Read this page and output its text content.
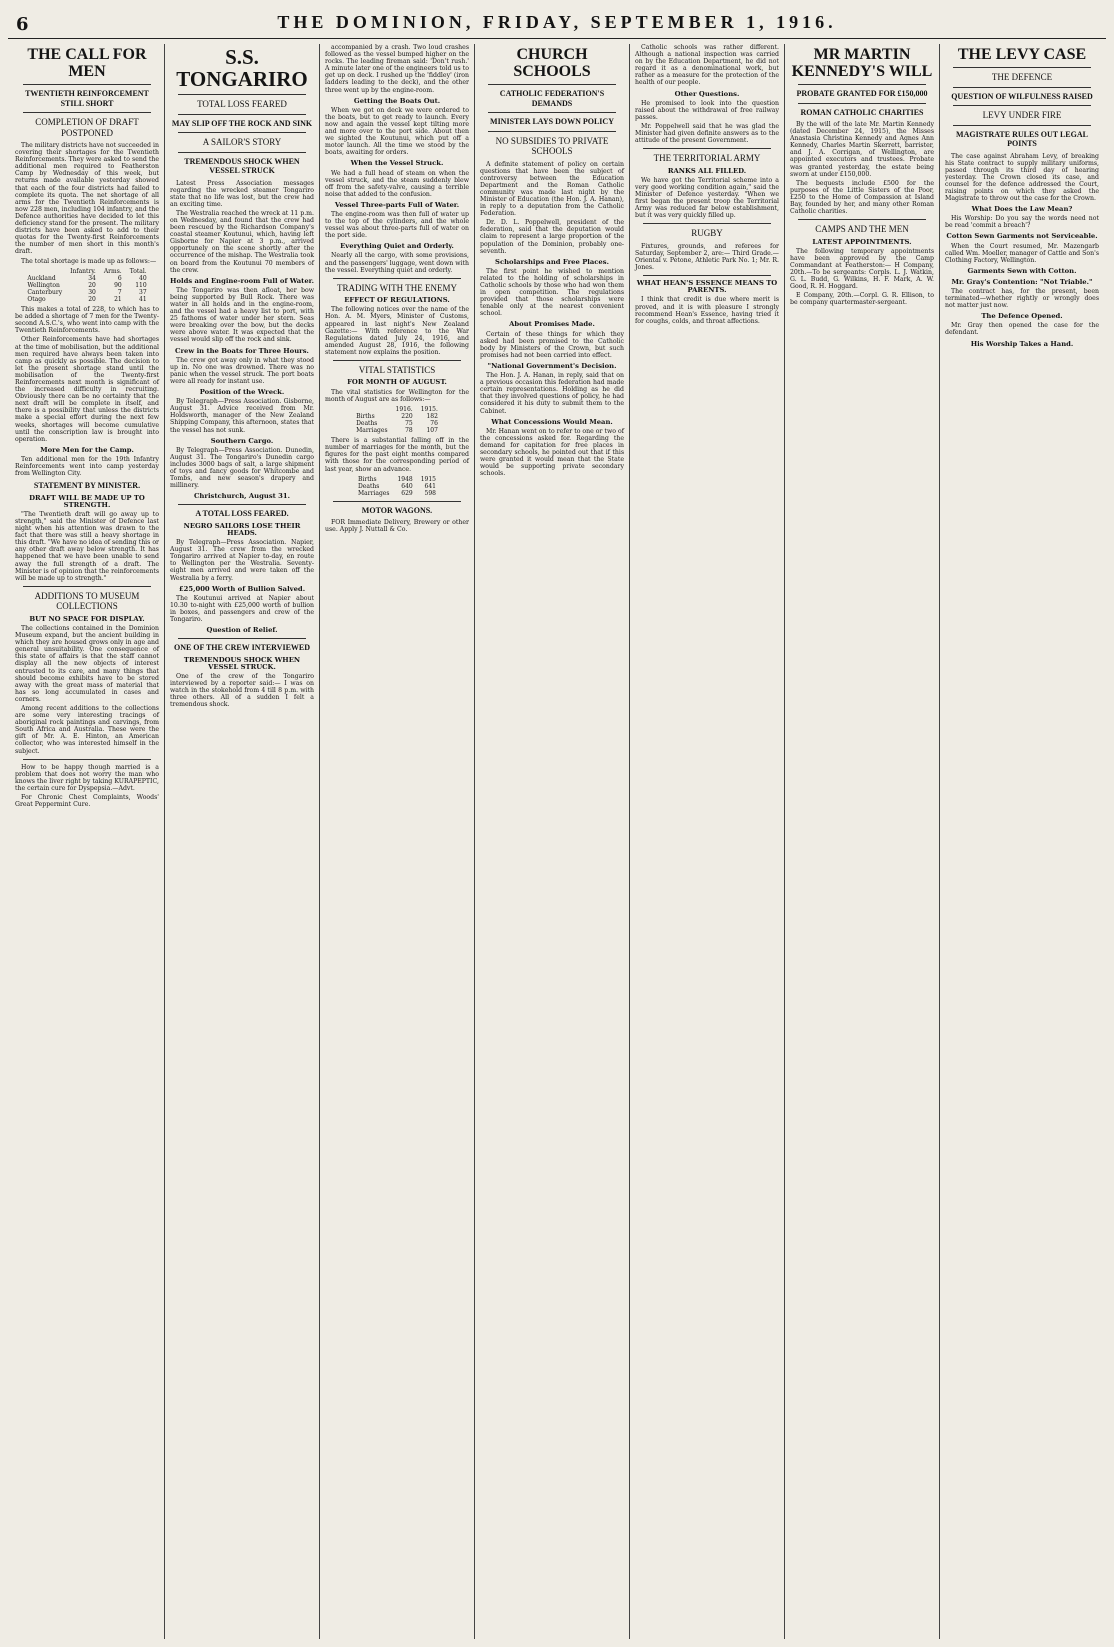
6	THE DOMINION, FRIDAY, SEPTEMBER 1, 1916.
THE CALL FOR MEN
TWENTIETH REINFORCEMENT STILL SHORT
COMPLETION OF DRAFT POSTPONED

The military districts have not succeeded in covering their shortages for the Twentieth Reinforcements. They were asked to send the additional men required to Featherston Camp by Wednesday of this week, but returns made available yesterday showed that each of the four districts had failed to complete its quota. The net shortage of all arms for the Twentieth Reinforcements is now 228 men, including 104 infantry, and the Defence authorities have decided to let this deficiency stand for the present. The military districts have been asked to add to their quotas for the Twenty-first Reinforcements the number of men short in this month's draft.

The total shortage is made up as follows:—

	Infantry.	Arms.	Total.
Auckland	34	6	40
Wellington	20	90	110
Canterbury	30	7	37
Otago	20	21	41

This makes a total of 228, to which has to be added a shortage of 7 men for the Twenty-second A.S.C.'s, who went into camp with the Twentieth Reinforcements.

Other Reinforcements have had shortages at the time of mobilisation, but the additional men required have always been taken into camp as quickly as possible. The decision to let the present shortage stand until the mobilisation of the Twenty-first Reinforcements next month is significant of the increased difficulty in recruiting. Obviously there can be no certainty that the next draft will be complete in itself, and there is a possibility that unless the districts make a special effort during the next few weeks, shortages will become cumulative until the conscription law is brought into operation.

More Men for the Camp.

Ten additional men for the 19th Infantry Reinforcements went into camp yesterday from Wellington City.

STATEMENT BY MINISTER.
DRAFT WILL BE MADE UP TO STRENGTH.

"The Twentieth draft will go away up to strength," said the Minister of Defence last night when his attention was drawn to the fact that there was still a heavy shortage in this draft. "We have no idea of sending this or any other draft away below strength. It has happened that we have been unable to send away the full strength of a draft. The Minister is of opinion that the reinforcements will be made up to strength."

ADDITIONS TO MUSEUM COLLECTIONS
BUT NO SPACE FOR DISPLAY.

The collections contained in the Dominion Museum expand, but the ancient building in which they are housed grows only in age and general unsuitability. One consequence of this state of affairs is that the staff cannot display all the new objects of interest entrusted to its care, and many things that should become exhibits have to be stored away with the great mass of material that has so long accumulated in cases and corners.

Among recent additions to the collections are some very interesting tracings of aboriginal rock paintings and carvings, from South Africa and Australia. These were the gift of Mr. A. E. Hinton, an American collector, who was interested himself in the subject.

How to be happy though married is a problem that does not worry the man who knows the liver right by taking KURAPEPTIC, the certain cure for Dyspepsia.—Advt.

For Chronic Chest Complaints, Woods' Great Peppermint Cure.

S.S. TONGARIRO
TOTAL LOSS FEARED
MAY SLIP OFF THE ROCK AND SINK
A SAILOR'S STORY
TREMENDOUS SHOCK WHEN VESSEL STRUCK

Latest Press Association messages regarding the wrecked steamer Tongariro state that no life was lost, but the crew had an exciting time.

The Westralia reached the wreck at 11 p.m. on Wednesday, and found that the crew had been rescued by the Richardson Company's coastal steamer Koutunui, which, having left Gisborne for Napier at 3 p.m., arrived opportunely on the scene shortly after the occurrence of the mishap. The Westralia took on board from the Koutunui 70 members of the crew.

Holds and Engine-room Full of Water.

The Tongariro was then afloat, her bow being supported by Bull Rock. There was water in all holds and in the engine-room, and the vessel had a heavy list to port, with 25 fathoms of water under her stern. Seas were breaking over the bow, but the decks were above water. It was expected that the vessel would slip off the rock and sink.

Crew in the Boats for Three Hours.

The crew got away only in what they stood up in. No one was drowned. There was no panic when the vessel struck. The port boats were all ready for instant use.

Position of the Wreck.

By Telegraph—Press Association. Gisborne, August 31. Advice received from Mr. Holdsworth, manager of the New Zealand Shipping Company, this afternoon, states that the vessel has not sunk.

Southern Cargo.

By Telegraph—Press Association. Dunedin, August 31. The Tongariro's Dunedin cargo includes 3000 bags of salt, a large shipment of toys and fancy goods for Whitcombe and Tombs, and new season's drapery and millinery.

Christchurch, August 31.
A TOTAL LOSS FEARED.
NEGRO SAILORS LOSE THEIR HEADS.

By Telegraph—Press Association. Napier, August 31. The crew from the wrecked Tongariro arrived at Napier to-day, en route to Wellington per the Westralia. Seventy-eight men arrived and were taken off the Westralia by a ferry.

£25,000 Worth of Bullion Salved.

The Koutunui arrived at Napier about 10.30 to-night with £25,000 worth of bullion in boxes, and passengers and crew of the Tongariro.

Question of Relief.
ONE OF THE CREW INTERVIEWED
TREMENDOUS SHOCK WHEN VESSEL STRUCK.

One of the crew of the Tongariro interviewed by a reporter said:— I was on watch in the stokehold from 4 till 8 p.m. with three others. All of a sudden I felt a tremendous shock.

accompanied by a crash. Two loud crashes followed as the vessel bumped higher on the rocks. The leading fireman said: 'Don't rush.' A minute later one of the engineers told us to get up on deck. I rushed up the 'fiddley' (iron ladders leading to the deck), and the other three went up by the engine-room.

Getting the Boats Out.

When we got on deck we were ordered to the boats, but to get ready to launch. Every now and again the vessel kept tilting more and more over to the port side. About then we sighted the Koutunui, which put off a motor launch. All the time we stood by the boats, awaiting for orders.

When the Vessel Struck.

We had a full head of steam on when the vessel struck, and the steam suddenly blew off from the safety-valve, causing a terrible noise that added to the confusion.

Vessel Three-parts Full of Water.

The engine-room was then full of water up to the top of the cylinders, and the whole vessel was about three-parts full of water on the port side.

Everything Quiet and Orderly.

Nearly all the cargo, with some provisions, and the passengers' luggage, went down with the vessel. Everything quiet and orderly.

TRADING WITH THE ENEMY
EFFECT OF REGULATIONS.

The following notices over the name of the Hon. A. M. Myers, Minister of Customs, appeared in last night's New Zealand Gazette:— With reference to the War Regulations dated July 24, 1916, and amended August 28, 1916, the following statement now explains the position.

VITAL STATISTICS
FOR MONTH OF AUGUST.

The vital statistics for Wellington for the month of August are as follows:—

	1916.	1915.
Births	220	182
Deaths	75	76
Marriages	78	107

There is a substantial falling off in the number of marriages for the month, but the figures for the past eight months compared with those for the corresponding period of last year, show an advance.

Births	1948	1915
Deaths	640	641
Marriages	629	598
MOTOR WAGONS.

FOR Immediate Delivery, Brewery or other use. Apply J. Nuttall & Co.

CHURCH SCHOOLS
CATHOLIC FEDERATION'S DEMANDS
MINISTER LAYS DOWN POLICY
NO SUBSIDIES TO PRIVATE SCHOOLS

A definite statement of policy on certain questions that have been the subject of controversy between the Education Department and the Roman Catholic community was made last night by the Minister of Education (the Hon. J. A. Hanan), in reply to a deputation from the Catholic Federation.

Dr. D. L. Poppelwell, president of the federation, said that the deputation would claim to represent a large proportion of the population of the Dominion, probably one-seventh.

Scholarships and Free Places.

The first point he wished to mention related to the holding of scholarships in Catholic schools by those who had won them in open competition. The regulations provided that those scholarships were tenable only at the nearest convenient school.

About Promises Made.

Certain of these things for which they asked had been promised to the Catholic body by Ministers of the Crown, but such promises had not been carried into effect.

"National Government's Decision.

The Hon. J. A. Hanan, in reply, said that on a previous occasion this federation had made certain representations. Holding as he did that they involved questions of policy, he had considered it his duty to submit them to the Cabinet.

What Concessions Would Mean.

Mr. Hanan went on to refer to one or two of the concessions asked for. Regarding the demand for capitation for free places in secondary schools, he pointed out that if this were granted it would mean that the State would be supporting private secondary schools.

Catholic schools was rather different. Although a national inspection was carried on by the Education Department, he did not regard it as a denominational work, but rather as a measure for the protection of the health of our people.

Other Questions.

He promised to look into the question raised about the withdrawal of free railway passes.

Mr. Poppelwell said that he was glad the Minister had given definite answers as to the attitude of the present Government.

THE TERRITORIAL ARMY
RANKS ALL FILLED.

We have got the Territorial scheme into a very good working condition again," said the Minister of Defence yesterday. "When we first began the present troop the Territorial Army was reduced far below establishment, but it was very quickly filled up.

RUGBY

Fixtures, grounds, and referees for Saturday, September 2, are:— Third Grade.—Oriental v. Petone, Athletic Park No. 1; Mr. R. Jones.

WHAT HEAN'S ESSENCE MEANS TO PARENTS.

I think that credit is due where merit is proved, and it is with pleasure I strongly recommend Hean's Essence, having tried it for coughs, colds, and throat affections.

MR MARTIN KENNEDY'S WILL
PROBATE GRANTED FOR £150,000
ROMAN CATHOLIC CHARITIES

By the will of the late Mr. Martin Kennedy (dated December 24, 1915), the Misses Anastasia Christina Kennedy and Agnes Ann Kennedy, Charles Martin Skerrett, barrister, and J. A. Corrigan, of Wellington, are appointed executors and trustees. Probate was granted yesterday, the estate being sworn at under £150,000.

The bequests include £500 for the purposes of the Little Sisters of the Poor, £250 to the Home of Compassion at Island Bay, founded by her, and many other Roman Catholic charities.

CAMPS AND THE MEN
LATEST APPOINTMENTS.

The following temporary appointments have been approved by the Camp Commandant at Featherston:— H Company, 20th.—To be sergeants: Corpls. L. J. Watkin, G. L. Budd, G. Wilkins, H. F. Mark, A. W. Good, R. H. Hoggard.

E Company, 20th.—Corpl. G. R. Ellison, to be company quartermaster-sergeant.

THE LEVY CASE
THE DEFENCE
QUESTION OF WILFULNESS RAISED
LEVY UNDER FIRE
MAGISTRATE RULES OUT LEGAL POINTS

The case against Abraham Levy, of breaking his State contract to supply military uniforms, passed through its third day of hearing yesterday. The Crown closed its case, and counsel for the defence addressed the Court, raising points on which they asked the Magistrate to throw out the case for the Crown.

What Does the Law Mean?

His Worship: Do you say the words need not be read 'commit a breach'?

Cotton Sewn Garments not Serviceable.

When the Court resumed, Mr. Mazengarb called Wm. Moeller, manager of Cattle and Son's Clothing Factory, Wellington.

Garments Sewn with Cotton.
Mr. Gray's Contention: "Not Triable."

The contract has, for the present, been terminated—whether rightly or wrongly does not matter just now.

The Defence Opened.

Mr. Gray then opened the case for the defendant.

His Worship Takes a Hand.
